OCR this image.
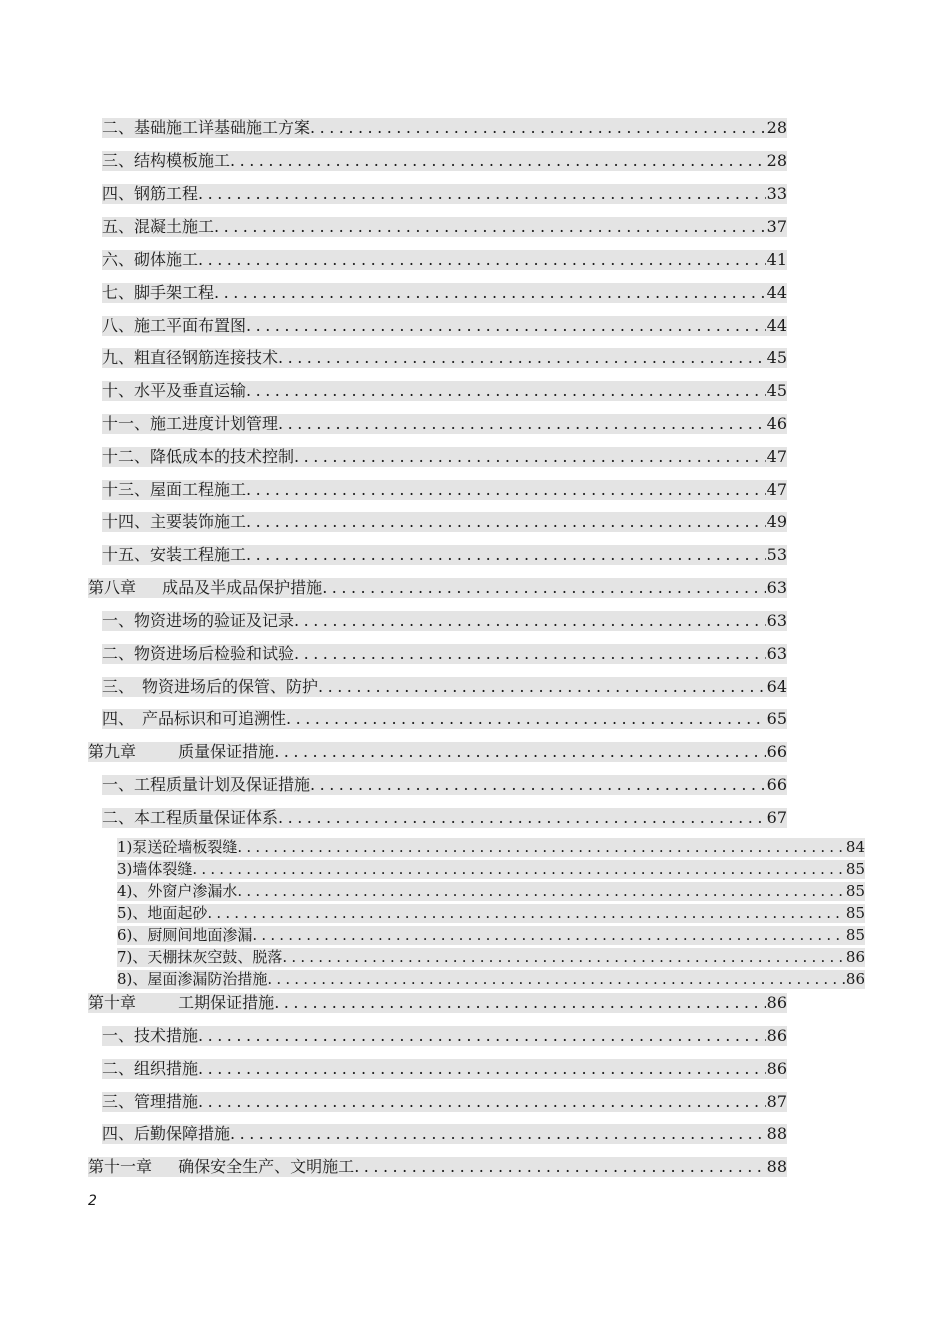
二、基础施工详基础施工方案 .....	28
三、结构模板施工 .....	28
四、钢筋工程 .....	33
五、混凝土施工 .....	37
六、砌体施工 .....	41
七、脚手架工程 .....	44
八、施工平面布置图 .....	44
九、粗直径钢筋连接技术 .....	45
十、水平及垂直运输 .....	45
十一、施工进度计划管理 .....	46
十二、降低成本的技术控制 .....	47
十三、屋面工程施工 .....	47
十四、主要装饰施工 .....	49
十五、安装工程施工 .....	53
第八章 　 成品及半成品保护措施 .....	63
一、物资进场的验证及记录 .....	63
二、物资进场后检验和试验 .....	63
三、　物资进场后的保管、防护 .....	64
四、　产品标识和可追溯性 .....	65
第九章 　　 质量保证措施 .....	66
一、工程质量计划及保证措施 .....	66
二、本工程质量保证体系 .....	67
1)泵送砼墙板裂缝 .....	84
3)墙体裂缝 .....	85
4)、外窗户渗漏水 .....	85
5)、地面起砂 .....	85
6)、厨厕间地面渗漏 .....	85
7)、天棚抹灰空鼓、脱落 .....	86
8)、屋面渗漏防治措施 .....	86
第十章 　　 工期保证措施 .....	86
一、技术措施 .....	86
二、组织措施 .....	86
三、管理措施 .....	87
四、后勤保障措施 .....	88
第十一章 　 确保安全生产、文明施工 .....	88
2
